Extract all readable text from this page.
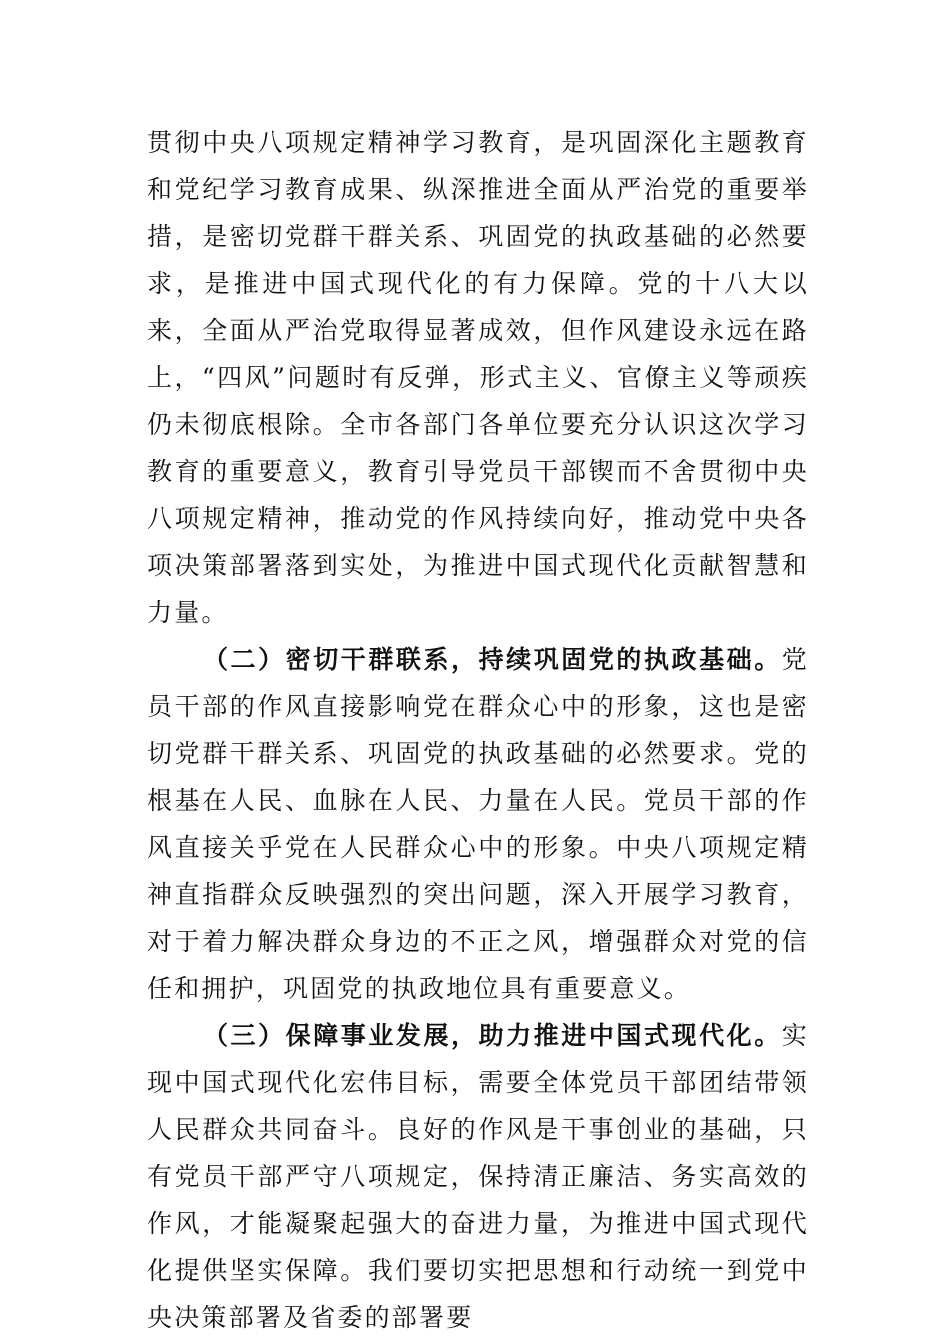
贯彻中央八项规定精神学习教育，是巩固深化主题教育和党纪学习教育成果、纵深推进全面从严治党的重要举措，是密切党群干群关系、巩固党的执政基础的必然要求，是推进中国式现代化的有力保障。党的十八大以来，全面从严治党取得显著成效，但作风建设永远在路上，“四风”问题时有反弹，形式主义、官僚主义等顽疾仍未彻底根除。全市各部门各单位要充分认识这次学习教育的重要意义，教育引导党员干部锲而不舍贯彻中央八项规定精神，推动党的作风持续向好，推动党中央各项决策部署落到实处，为推进中国式现代化贡献智慧和力量。

（二）密切干群联系，持续巩固党的执政基础。党员干部的作风直接影响党在群众心中的形象，这也是密切党群干群关系、巩固党的执政基础的必然要求。党的根基在人民、血脉在人民、力量在人民。党员干部的作风直接关乎党在人民群众心中的形象。中央八项规定精神直指群众反映强烈的突出问题，深入开展学习教育，对于着力解决群众身边的不正之风，增强群众对党的信任和拥护，巩固党的执政地位具有重要意义。

（三）保障事业发展，助力推进中国式现代化。实现中国式现代化宏伟目标，需要全体党员干部团结带领人民群众共同奋斗。良好的作风是干事创业的基础，只有党员干部严守八项规定，保持清正廉洁、务实高效的作风，才能凝聚起强大的奋进力量，为推进中国式现代化提供坚实保障。我们要切实把思想和行动统一到党中央决策部署及省委的部署要
